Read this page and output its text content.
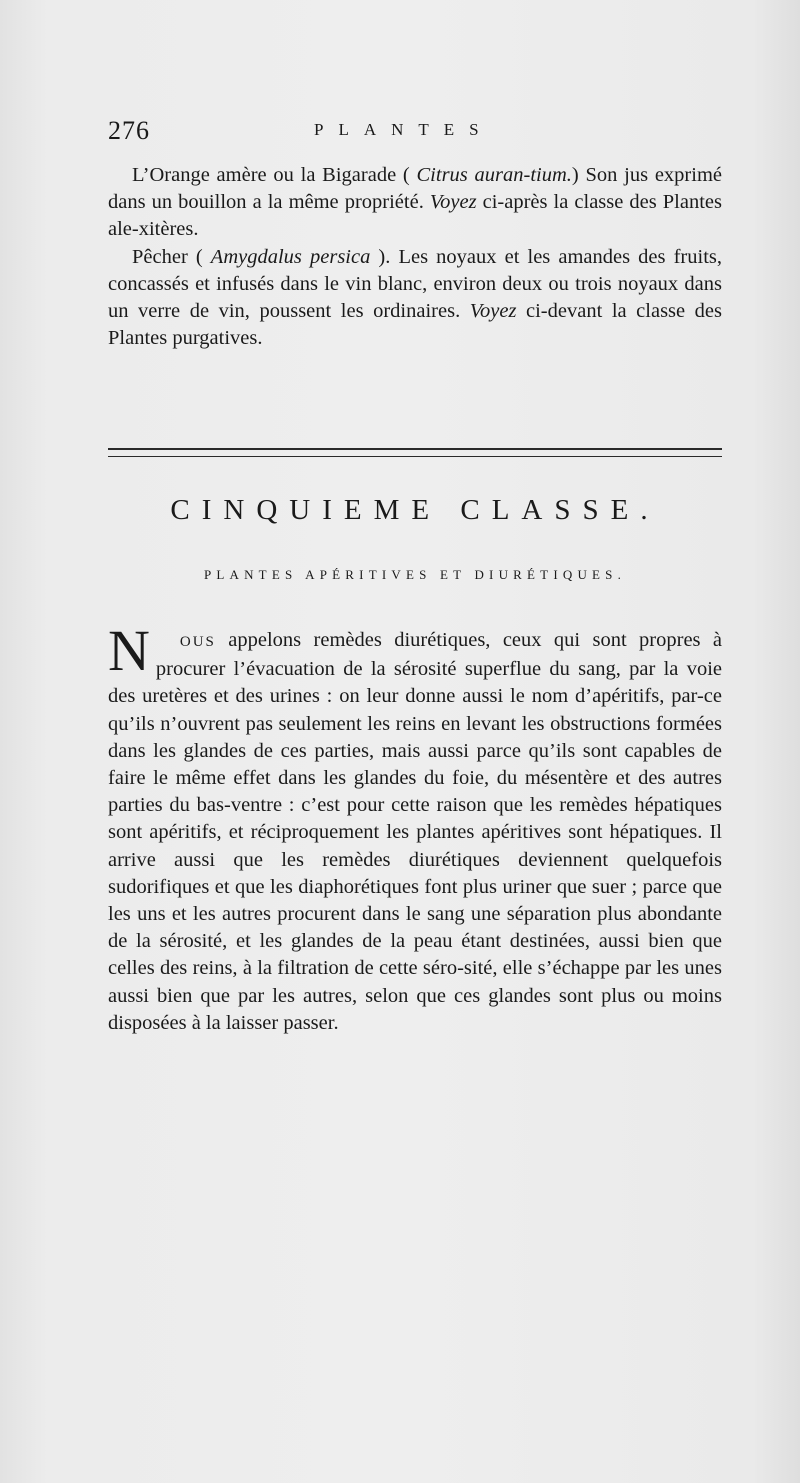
276	PLANTES

L’Orange amère ou la Bigarade ( Citrus auran-tium.) Son jus exprimé dans un bouillon a la même propriété. Voyez ci-après la classe des Plantes ale-xitères.

Pêcher ( Amygdalus persica ). Les noyaux et les amandes des fruits, concassés et infusés dans le vin blanc, environ deux ou trois noyaux dans un verre de vin, poussent les ordinaires. Voyez ci-devant la classe des Plantes purgatives.

CINQUIEME CLASSE.
PLANTES APÉRITIVES ET DIURÉTIQUES.

N OUS appelons remèdes diurétiques, ceux qui sont propres à procurer l’évacuation de la sérosité superflue du sang, par la voie des uretères et des urines : on leur donne aussi le nom d’apéritifs, par-ce qu’ils n’ouvrent pas seulement les reins en levant les obstructions formées dans les glandes de ces parties, mais aussi parce qu’ils sont capables de faire le même effet dans les glandes du foie, du mésentère et des autres parties du bas-ventre : c’est pour cette raison que les remèdes hépatiques sont apéritifs, et réciproquement les plantes apéritives sont hépatiques. Il arrive aussi que les remèdes diurétiques deviennent quelquefois sudorifiques et que les diaphorétiques font plus uriner que suer ; parce que les uns et les autres procurent dans le sang une séparation plus abondante de la sérosité, et les glandes de la peau étant destinées, aussi bien que celles des reins, à la filtration de cette séro-sité, elle s’échappe par les unes aussi bien que par les autres, selon que ces glandes sont plus ou moins disposées à la laisser passer.
